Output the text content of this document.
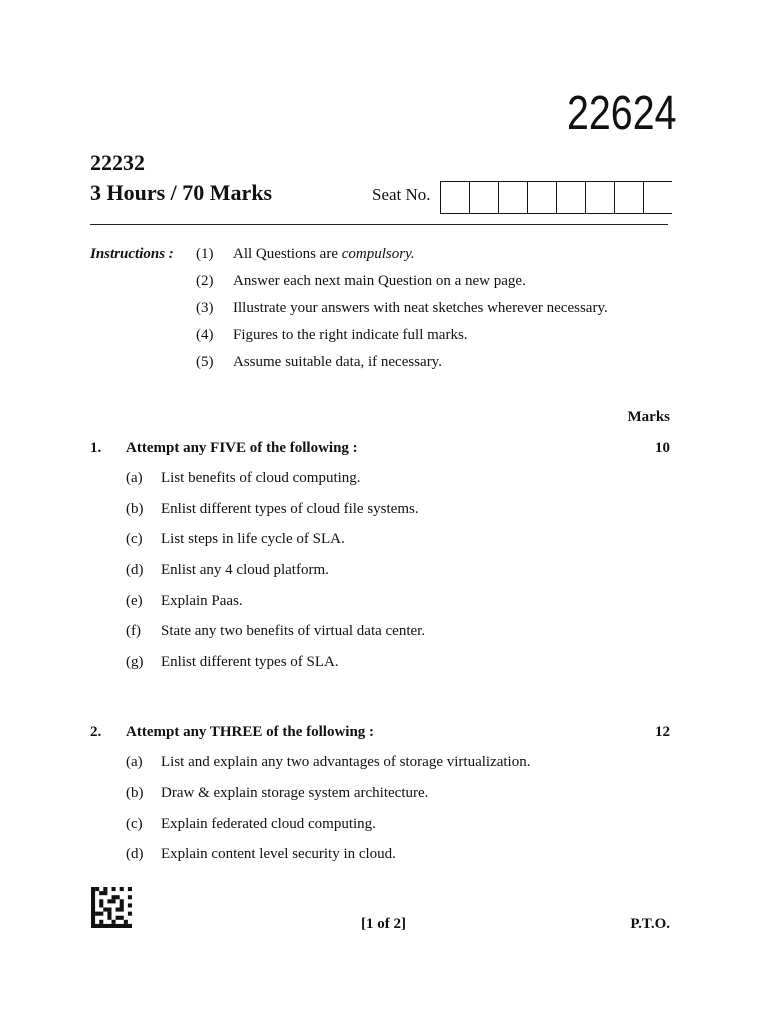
22624
22232
3 Hours / 70 Marks	Seat No.
Instructions : (1)	All Questions are compulsory.
(2)	Answer each next main Question on a new page.
(3)	Illustrate your answers with neat sketches wherever necessary.
(4)	Figures to the right indicate full marks.
(5)	Assume suitable data, if necessary.
Marks
1. Attempt any FIVE of the following :	10
(a)	List benefits of cloud computing.
(b)	Enlist different types of cloud file systems.
(c)	List steps in life cycle of SLA.
(d)	Enlist any 4 cloud platform.
(e)	Explain Paas.
(f)	State any two benefits of virtual data center.
(g)	Enlist different types of SLA.
2. Attempt any THREE of the following :	12
(a)	List and explain any two advantages of storage virtualization.
(b)	Draw & explain storage system architecture.
(c)	Explain federated cloud computing.
(d)	Explain content level security in cloud.
[1 of 2]	P.T.O.
